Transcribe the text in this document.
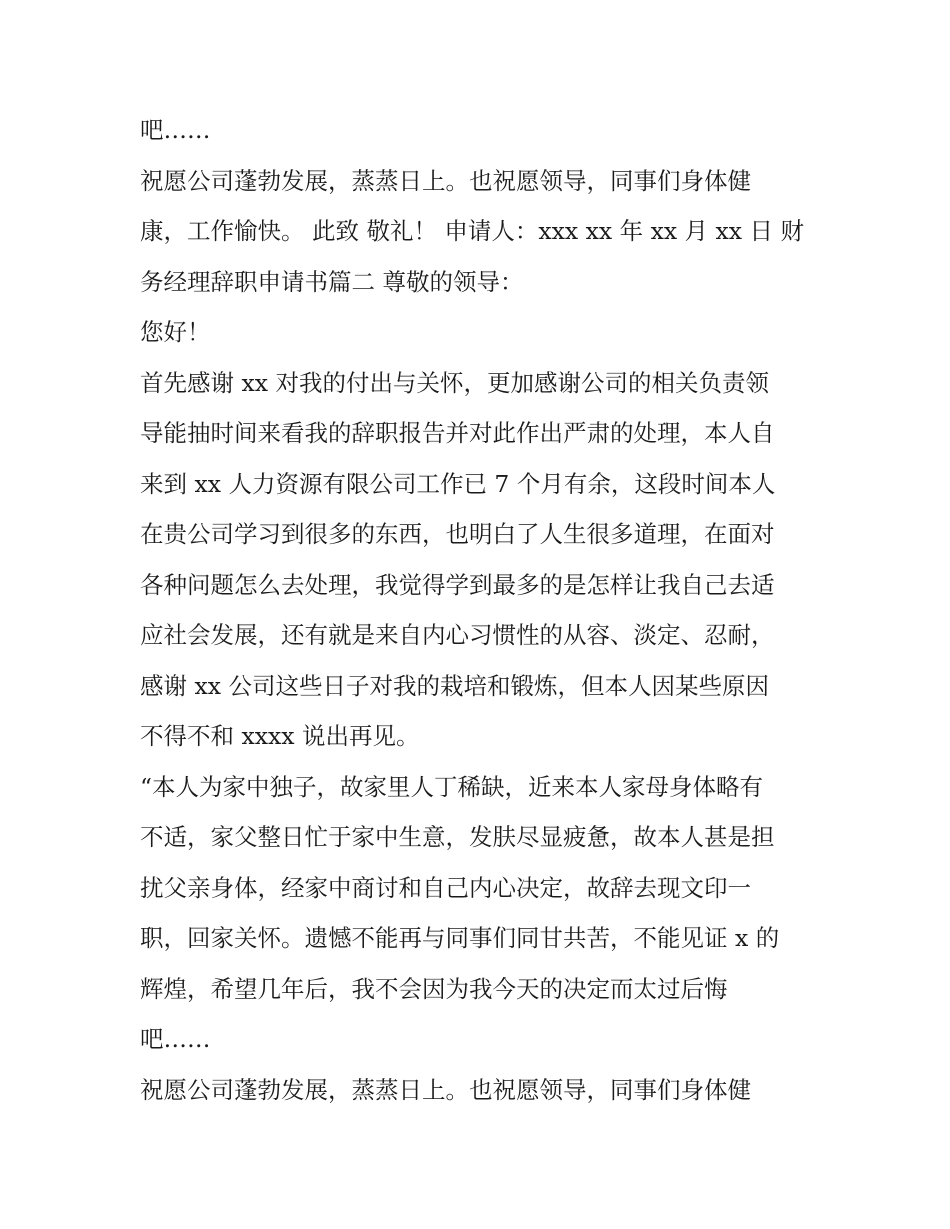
吧……
祝愿公司蓬勃发展，蒸蒸日上。也祝愿领导，同事们身体健
康，工作愉快。 此致 敬礼！ 申请人：xxx xx 年 xx 月 xx 日 财
务经理辞职申请书篇二 尊敬的领导：
您好！
首先感谢 xx 对我的付出与关怀，更加感谢公司的相关负责领
导能抽时间来看我的辞职报告并对此作出严肃的处理，本人自
来到 xx 人力资源有限公司工作已 7 个月有余，这段时间本人
在贵公司学习到很多的东西，也明白了人生很多道理，在面对
各种问题怎么去处理，我觉得学到最多的是怎样让我自己去适
应社会发展，还有就是来自内心习惯性的从容、淡定、忍耐，
感谢 xx 公司这些日子对我的栽培和锻炼，但本人因某些原因
不得不和 xxxx 说出再见。
“本人为家中独子，故家里人丁稀缺，近来本人家母身体略有
不适，家父整日忙于家中生意，发肤尽显疲惫，故本人甚是担
扰父亲身体，经家中商讨和自己内心决定，故辞去现文印一
职，回家关怀。遗憾不能再与同事们同甘共苦，不能见证 x 的
辉煌，希望几年后，我不会因为我今天的决定而太过后悔
吧……
祝愿公司蓬勃发展，蒸蒸日上。也祝愿领导，同事们身体健
